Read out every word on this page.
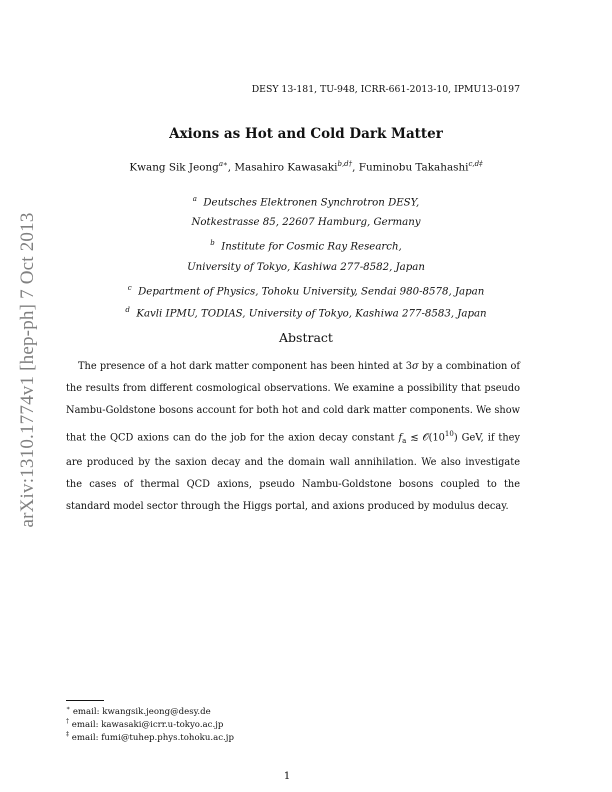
arXiv:1310.1774v1 [hep-ph] 7 Oct 2013
DESY 13-181, TU-948, ICRR-661-2013-10, IPMU13-0197
Axions as Hot and Cold Dark Matter
Kwang Sik Jeong$^{a∗}$, Masahiro Kawasaki$^{b,d\dagger}$, Fuminobu Takahashi$^{c,d\ddagger}$
$^a$ Deutsches Elektronen Synchrotron DESY,
Notkestrasse 85, 22607 Hamburg, Germany
$^b$ Institute for Cosmic Ray Research,
University of Tokyo, Kashiwa 277-8582, Japan
$^c$ Department of Physics, Tohoku University, Sendai 980-8578, Japan
$^d$ Kavli IPMU, TODIAS, University of Tokyo, Kashiwa 277-8583, Japan
Abstract
The presence of a hot dark matter component has been hinted at 3σ by a combination of the results from different cosmological observations. We examine a possibility that pseudo Nambu-Goldstone bosons account for both hot and cold dark matter components. We show that the QCD axions can do the job for the axion decay constant $f_a$ ≲ $𝒪(10^{10})$ GeV, if they are produced by the saxion decay and the domain wall annihilation. We also investigate the cases of thermal QCD axions, pseudo Nambu-Goldstone bosons coupled to the standard model sector through the Higgs portal, and axions produced by modulus decay.
∗ email: kwangsik.jeong@desy.de
† email: kawasaki@icrr.u-tokyo.ac.jp
‡ email: fumi@tuhep.phys.tohoku.ac.jp
1
